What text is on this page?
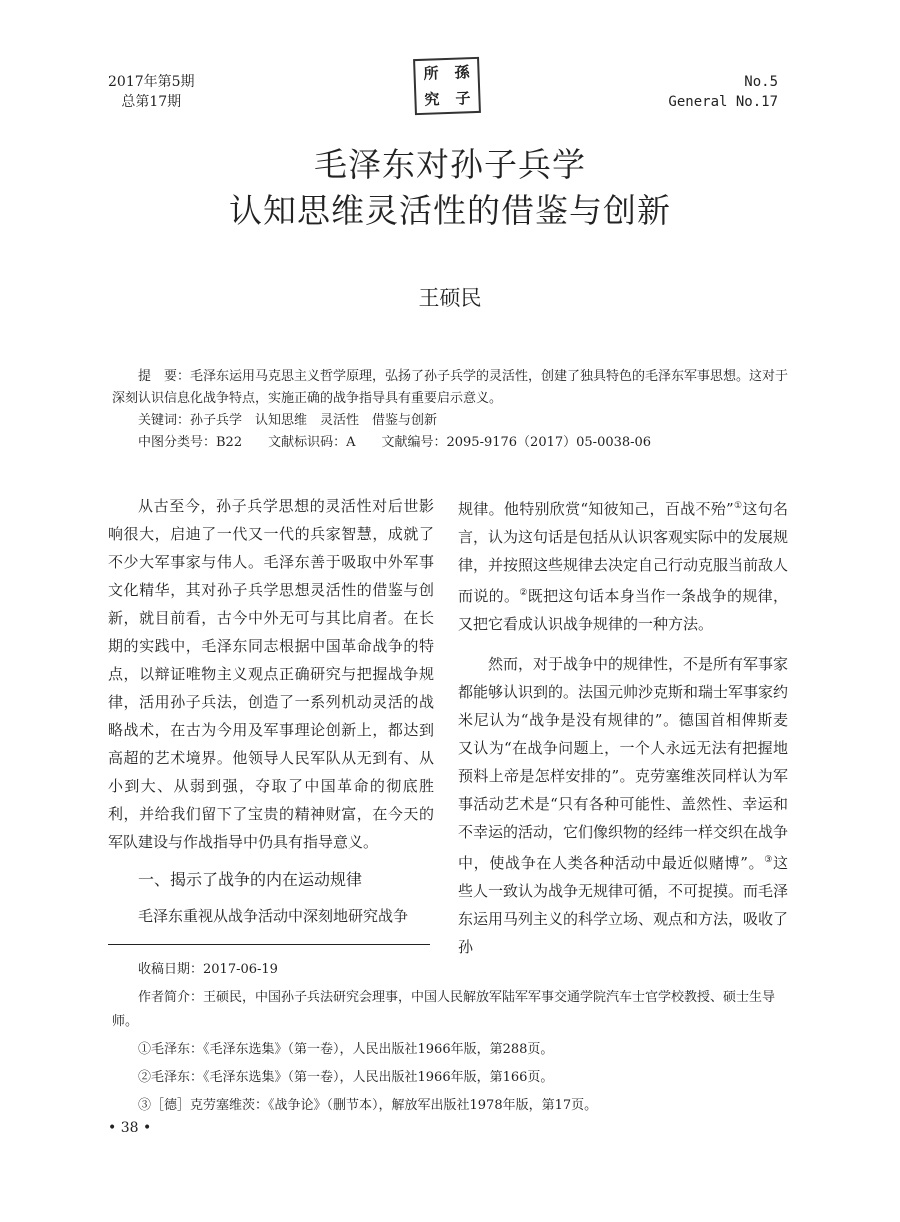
2017年第5期
总第17期
所	孫
究	子
No.5
General No.17
毛泽东对孙子兵学
认知思维灵活性的借鉴与创新
王硕民

提　要：毛泽东运用马克思主义哲学原理，弘扬了孙子兵学的灵活性，创建了独具特色的毛泽东军事思想。这对于深刻认识信息化战争特点，实施正确的战争指导具有重要启示意义。

关键词：孙子兵学　认知思维　灵活性　借鉴与创新

中图分类号：B22　　文献标识码：A　　文献编号：2095-9176（2017）05-0038-06

从古至今，孙子兵学思想的灵活性对后世影响很大，启迪了一代又一代的兵家智慧，成就了不少大军事家与伟人。毛泽东善于吸取中外军事文化精华，其对孙子兵学思想灵活性的借鉴与创新，就目前看，古今中外无可与其比肩者。在长期的实践中，毛泽东同志根据中国革命战争的特点，以辩证唯物主义观点正确研究与把握战争规律，活用孙子兵法，创造了一系列机动灵活的战略战术，在古为今用及军事理论创新上，都达到高超的艺术境界。他领导人民军队从无到有、从小到大、从弱到强，夺取了中国革命的彻底胜利，并给我们留下了宝贵的精神财富，在今天的军队建设与作战指导中仍具有指导意义。

一、揭示了战争的内在运动规律

毛泽东重视从战争活动中深刻地研究战争

规律。他特别欣赏“知彼知己，百战不殆”①这句名言，认为这句话是包括从认识客观实际中的发展规律，并按照这些规律去决定自己行动克服当前敌人而说的。②既把这句话本身当作一条战争的规律，又把它看成认识战争规律的一种方法。

然而，对于战争中的规律性，不是所有军事家都能够认识到的。法国元帅沙克斯和瑞士军事家约米尼认为“战争是没有规律的”。德国首相俾斯麦又认为“在战争问题上，一个人永远无法有把握地预料上帝是怎样安排的”。克劳塞维茨同样认为军事活动艺术是“只有各种可能性、盖然性、幸运和不幸运的活动，它们像织物的经纬一样交织在战争中，使战争在人类各种活动中最近似赌博”。③这些人一致认为战争无规律可循，不可捉摸。而毛泽东运用马列主义的科学立场、观点和方法，吸收了孙

收稿日期：2017-06-19

作者简介：王硕民，中国孙子兵法研究会理事，中国人民解放军陆军军事交通学院汽车士官学校教授、硕士生导师。

①毛泽东：《毛泽东选集》（第一卷），人民出版社1966年版，第288页。

②毛泽东：《毛泽东选集》（第一卷），人民出版社1966年版，第166页。

③［德］克劳塞维茨：《战争论》（删节本），解放军出版社1978年版，第17页。

• 38 •
